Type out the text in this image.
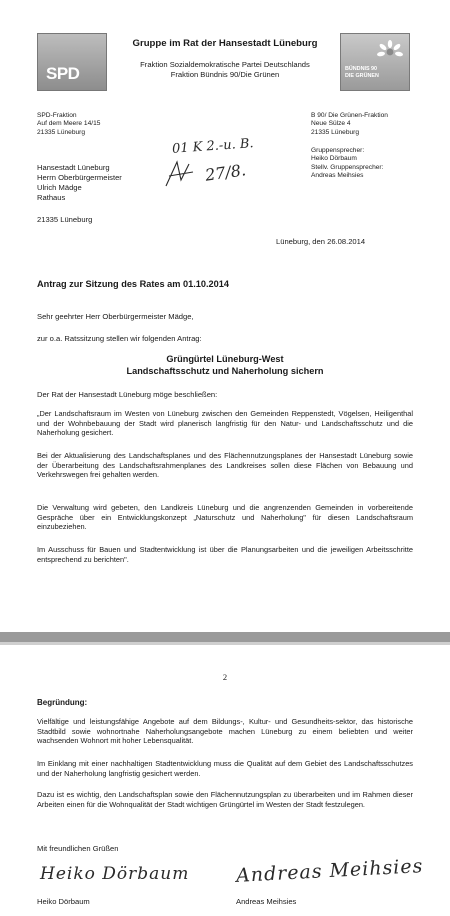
SPD
Gruppe im Rat der Hansestadt Lüneburg
Fraktion Sozialdemokratische Partei Deutschlands
Fraktion Bündnis 90/Die Grünen
BÜNDNIS 90
DIE GRÜNEN
SPD-Fraktion
Auf dem Meere 14/15
21335 Lüneburg
B 90/ Die Grünen-Fraktion
Neue Sülze 4
21335 Lüneburg
01 K 2.-u. B.
27/8.
Gruppensprecher:
Heiko Dörbaum
Stellv. Gruppensprecher:
Andreas Meihsies
Hansestadt Lüneburg
Herrn Oberbürgermeister
Ulrich Mädge
Rathaus
21335 Lüneburg
Lüneburg, den 26.08.2014
Antrag zur Sitzung des Rates am 01.10.2014
Sehr geehrter Herr Oberbürgermeister Mädge,
zur o.a. Ratssitzung stellen wir folgenden Antrag:
Grüngürtel Lüneburg-West
Landschaftsschutz und Naherholung sichern
Der Rat der Hansestadt Lüneburg möge beschließen:
„Der Landschaftsraum im Westen von Lüneburg zwischen den Gemeinden Reppenstedt, Vögelsen, Heiligenthal und der Wohnbebauung der Stadt wird planerisch langfristig für den Natur- und Landschaftsschutz und die Naherholung gesichert.
Bei der Aktualisierung des Landschaftsplanes und des Flächennutzungsplanes der Hansestadt Lüneburg sowie der Überarbeitung des Landschaftsrahmenplanes des Landkreises sollen diese Flächen von Bebauung und Verkehrswegen frei gehalten werden.
Die Verwaltung wird gebeten, den Landkreis Lüneburg und die angrenzenden Gemeinden in vorbereitende Gespräche über ein Entwicklungskonzept „Naturschutz und Naherholung" für diesen Landschaftsraum einzubeziehen.
Im Ausschuss für Bauen und Stadtentwicklung ist über die Planungsarbeiten und die jeweiligen Arbeitsschritte entsprechend zu berichten".
2
Begründung:
Vielfältige und leistungsfähige Angebote auf dem Bildungs-, Kultur- und Gesundheits-sektor, das historische Stadtbild sowie wohnortnahe Naherholungsangebote machen Lüneburg zu einem beliebten und weiter wachsenden Wohnort mit hoher Lebensqualität.
Im Einklang mit einer nachhaltigen Stadtentwicklung muss die Qualität auf dem Gebiet des Landschaftsschutzes und der Naherholung langfristig gesichert werden.
Dazu ist es wichtig, den Landschaftsplan sowie den Flächennutzungsplan zu überarbeiten und im Rahmen dieser Arbeiten einen für die Wohnqualität der Stadt wichtigen Grüngürtel im Westen der Stadt festzulegen.
Mit freundlichen Grüßen
Heiko Dörbaum Andreas Meihsies
Heiko Dörbaum	Andreas Meihsies
